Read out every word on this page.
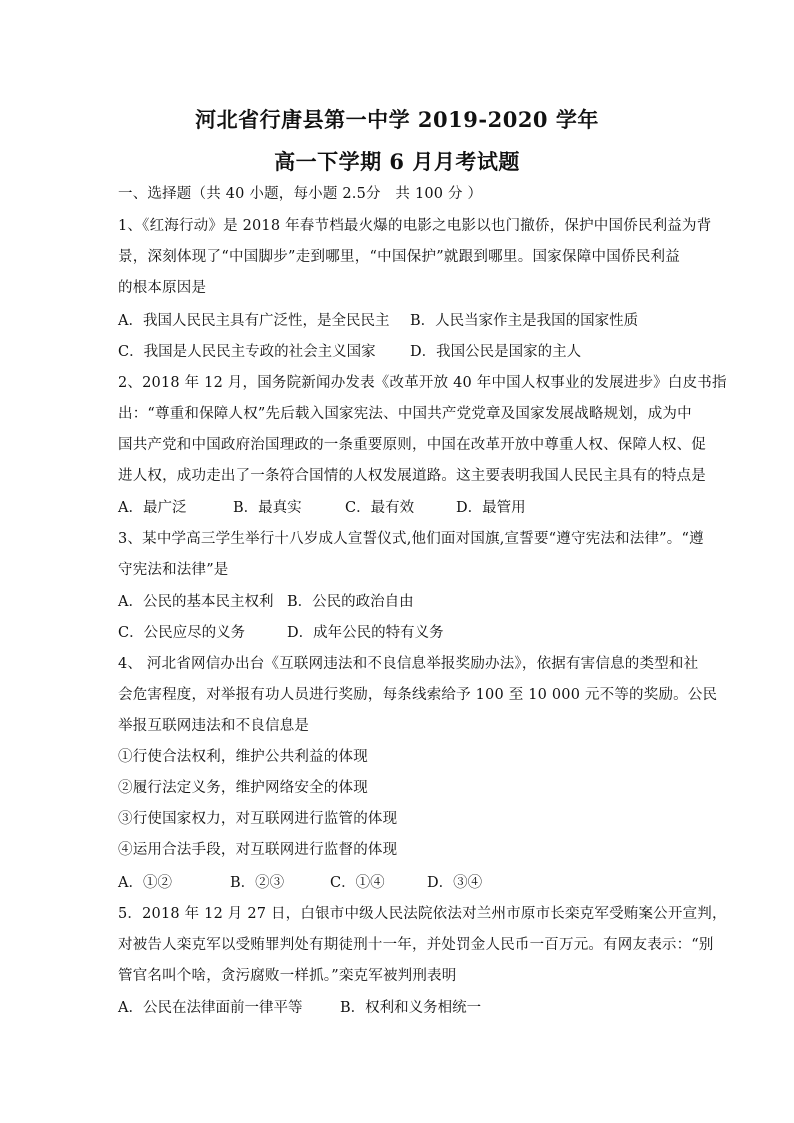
河北省行唐县第一中学 2019-2020 学年
高一下学期 6 月月考试题
一、选择题（共 40 小题，每小题 2.5分　共 100 分 ）
1、《红海行动》是 2018 年春节档最火爆的电影之电影以也门撤侨，保护中国侨民利益为背
景，深刻体现了“中国脚步”走到哪里，“中国保护”就跟到哪里。国家保障中国侨民利益
的根本原因是
A．我国人民民主具有广泛性，是全民民主 B．人民当家作主是我国的国家性质
C．我国是人民民主专政的社会主义国家 D．我国公民是国家的主人
2、2018 年 12 月，国务院新闻办发表《改革开放 40 年中国人权事业的发展进步》白皮书指
出：“尊重和保障人权”先后载入国家宪法、中国共产党党章及国家发展战略规划，成为中
国共产党和中国政府治国理政的一条重要原则，中国在改革开放中尊重人权、保障人权、促
进人权，成功走出了一条符合国情的人权发展道路。这主要表明我国人民民主具有的特点是
A．最广泛	B．最真实	C．最有效	D．最管用
3、某中学高三学生举行十八岁成人宣誓仪式,他们面对国旗,宣誓要“遵守宪法和法律”。“遵
守宪法和法律”是
A．公民的基本民主权利 B．公民的政治自由
C．公民应尽的义务	D．成年公民的特有义务
4、 河北省网信办出台《互联网违法和不良信息举报奖励办法》，依据有害信息的类型和社
会危害程度，对举报有功人员进行奖励，每条线索给予 100 至 10 000 元不等的奖励。公民
举报互联网违法和不良信息是
①行使合法权利，维护公共利益的体现
②履行法定义务，维护网络安全的体现
③行使国家权力，对互联网进行监管的体现
④运用合法手段，对互联网进行监督的体现
A．①②	B．②③	C．①④	D．③④
5．2018 年 12 月 27 日，白银市中级人民法院依法对兰州市原市长栾克军受贿案公开宣判，
对被告人栾克军以受贿罪判处有期徒刑十一年，并处罚金人民币一百万元。有网友表示：“别
管官名叫个啥，贪污腐败一样抓。”栾克军被判刑表明
A．公民在法律面前一律平等	B．权利和义务相统一
